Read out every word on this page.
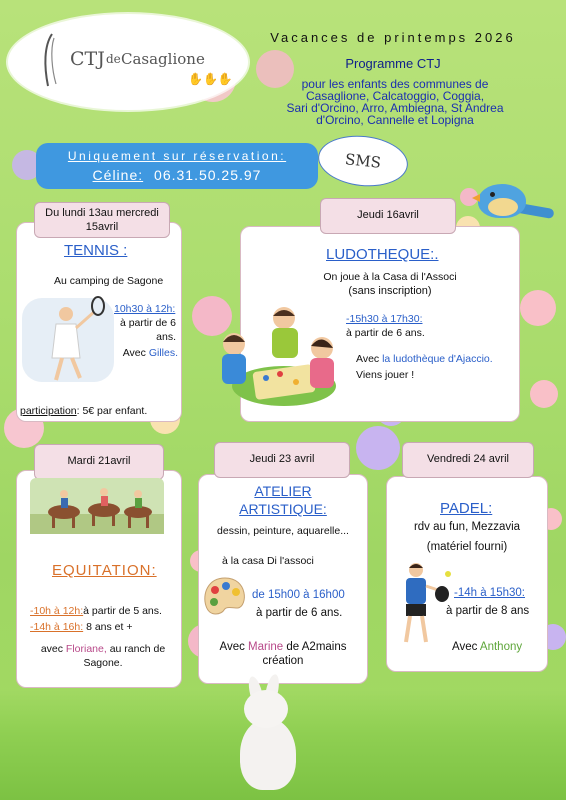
CTJ de Casaglione
✋✋✋
Vacances de printemps 2026
Programme CTJ
pour les enfants des communes de
Casaglione, Calcatoggio, Coggia,
Sari d'Orcino, Arro, Ambiegna, St Andrea
d'Orcino, Cannelle et Lopigna
Uniquement sur réservation:
Céline: 06.31.50.25.97
SMS
Du lundi 13au mercredi 15avril
TENNIS :
Au camping de Sagone
10h30 à 12h:
à partir de 6 ans.
Avec Gilles.
participation: 5€ par enfant.
Jeudi 16avril
LUDOTHEQUE:.
On joue à la Casa di l'Associ
(sans inscription)
-15h30 à 17h30:
à partir de 6 ans.
Avec la ludothèque d'Ajaccio.
Viens jouer !
Mardi 21avril
EQUITATION:
-10h à 12h:à partir de 5 ans.
-14h à 16h: 8 ans et +
avec Floriane, au ranch de Sagone.
Jeudi 23 avril
ATELIER
ARTISTIQUE:
dessin, peinture, aquarelle...
à la casa Di l'associ
de 15h00 à 16h00
à partir de 6 ans.
Avec Marine de A2mains création
Vendredi 24 avril
PADEL:
rdv au fun, Mezzavia
(matériel fourni)
-14h à 15h30:
à partir de 8 ans
Avec Anthony
